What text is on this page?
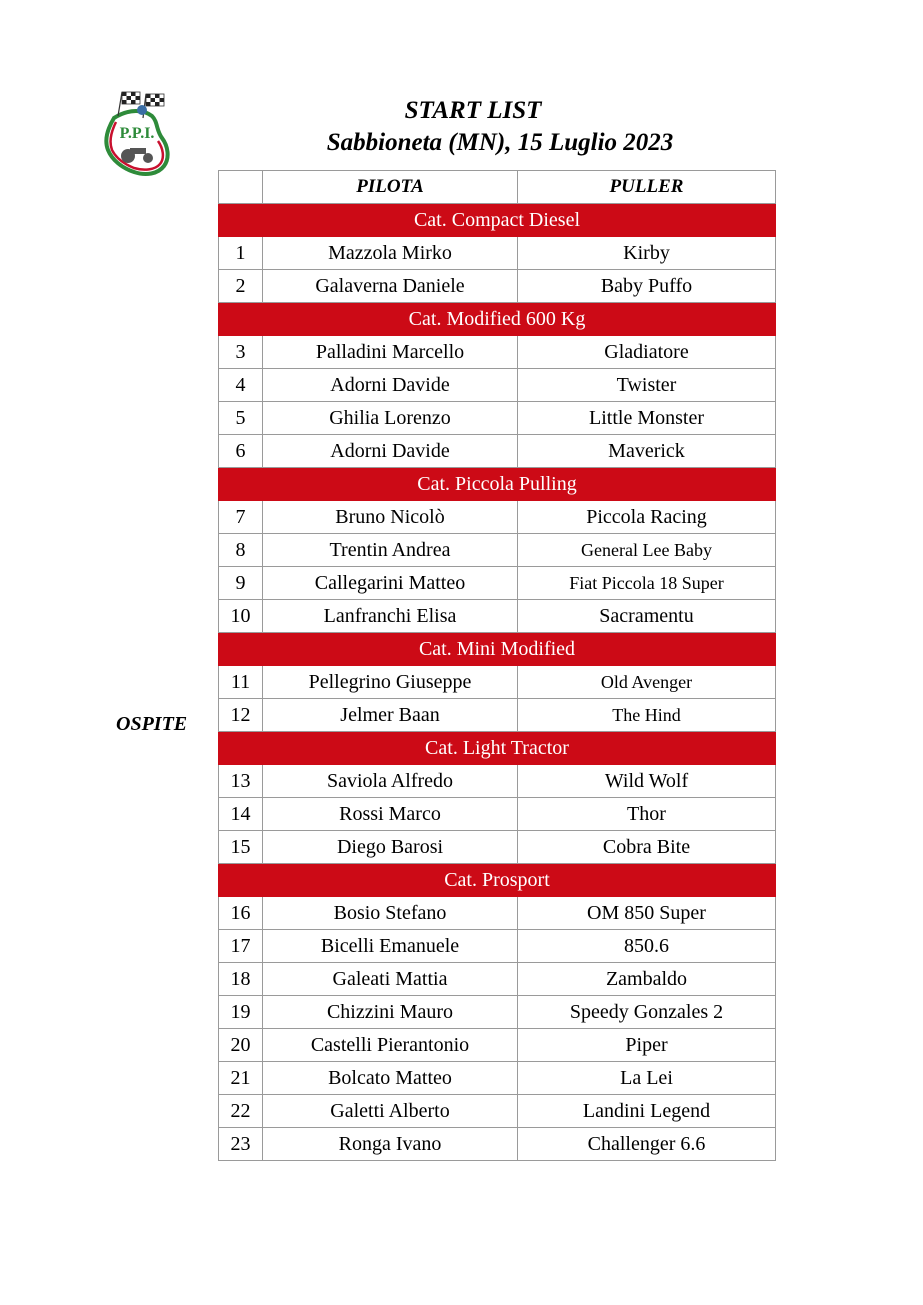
P.P.I.
START LIST
Sabbioneta (MN), 15 Luglio 2023
OSPITE
	PILOTA	PULLER
Cat. Compact Diesel		
1	Mazzola Mirko	Kirby
2	Galaverna Daniele	Baby Puffo
Cat. Modified 600 Kg		
3	Palladini Marcello	Gladiatore
4	Adorni Davide	Twister
5	Ghilia Lorenzo	Little Monster
6	Adorni Davide	Maverick
Cat. Piccola Pulling		
7	Bruno Nicolò	Piccola Racing
8	Trentin Andrea	General Lee Baby
9	Callegarini Matteo	Fiat Piccola 18 Super
10	Lanfranchi Elisa	Sacramentu
Cat. Mini Modified		
11	Pellegrino Giuseppe	Old Avenger
12	Jelmer Baan	The Hind
Cat. Light Tractor		
13	Saviola Alfredo	Wild Wolf
14	Rossi Marco	Thor
15	Diego Barosi	Cobra Bite
Cat. Prosport		
16	Bosio Stefano	OM 850 Super
17	Bicelli Emanuele	850.6
18	Galeati Mattia	Zambaldo
19	Chizzini Mauro	Speedy Gonzales 2
20	Castelli Pierantonio	Piper
21	Bolcato Matteo	La Lei
22	Galetti Alberto	Landini Legend
23	Ronga Ivano	Challenger 6.6
